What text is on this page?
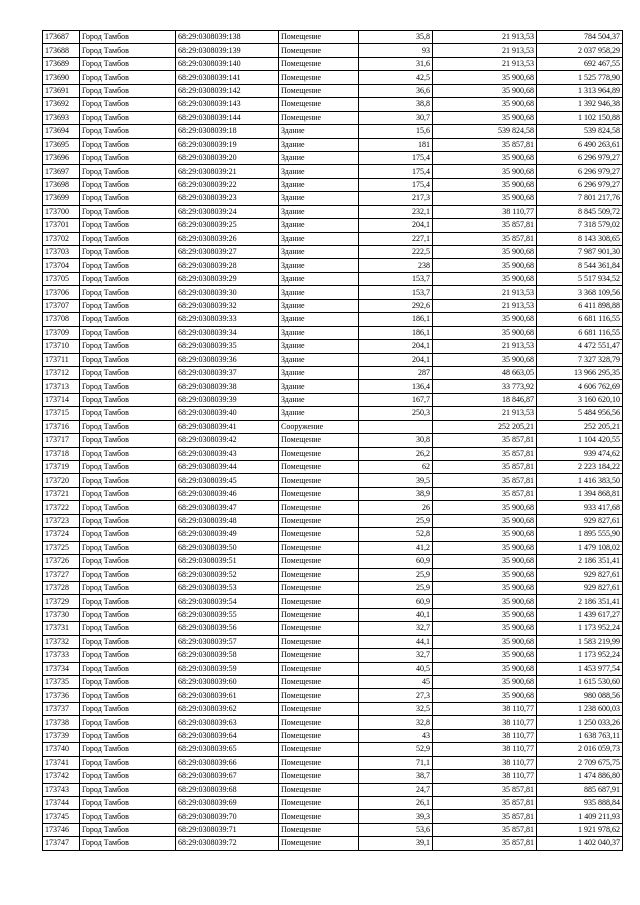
173687	Город Тамбов	68:29:0308039:138	Помещение	35,8	21 913,53	784 504,37
173688	Город Тамбов	68:29:0308039:139	Помещение	93	21 913,53	2 037 958,29
173689	Город Тамбов	68:29:0308039:140	Помещение	31,6	21 913,53	692 467,55
173690	Город Тамбов	68:29:0308039:141	Помещение	42,5	35 900,68	1 525 778,90
173691	Город Тамбов	68:29:0308039:142	Помещение	36,6	35 900,68	1 313 964,89
173692	Город Тамбов	68:29:0308039:143	Помещение	38,8	35 900,68	1 392 946,38
173693	Город Тамбов	68:29:0308039:144	Помещение	30,7	35 900,68	1 102 150,88
173694	Город Тамбов	68:29:0308039:18	Здание	15,6	539 824,58	539 824,58
173695	Город Тамбов	68:29:0308039:19	Здание	181	35 857,81	6 490 263,61
173696	Город Тамбов	68:29:0308039:20	Здание	175,4	35 900,68	6 296 979,27
173697	Город Тамбов	68:29:0308039:21	Здание	175,4	35 900,68	6 296 979,27
173698	Город Тамбов	68:29:0308039:22	Здание	175,4	35 900,68	6 296 979,27
173699	Город Тамбов	68:29:0308039:23	Здание	217,3	35 900,68	7 801 217,76
173700	Город Тамбов	68:29:0308039:24	Здание	232,1	38 110,77	8 845 509,72
173701	Город Тамбов	68:29:0308039:25	Здание	204,1	35 857,81	7 318 579,02
173702	Город Тамбов	68:29:0308039:26	Здание	227,1	35 857,81	8 143 308,65
173703	Город Тамбов	68:29:0308039:27	Здание	222,5	35 900,68	7 987 901,30
173704	Город Тамбов	68:29:0308039:28	Здание	238	35 900,68	8 544 361,84
173705	Город Тамбов	68:29:0308039:29	Здание	153,7	35 900,68	5 517 934,52
173706	Город Тамбов	68:29:0308039:30	Здание	153,7	21 913,53	3 368 109,56
173707	Город Тамбов	68:29:0308039:32	Здание	292,6	21 913,53	6 411 898,88
173708	Город Тамбов	68:29:0308039:33	Здание	186,1	35 900,68	6 681 116,55
173709	Город Тамбов	68:29:0308039:34	Здание	186,1	35 900,68	6 681 116,55
173710	Город Тамбов	68:29:0308039:35	Здание	204,1	21 913,53	4 472 551,47
173711	Город Тамбов	68:29:0308039:36	Здание	204,1	35 900,68	7 327 328,79
173712	Город Тамбов	68:29:0308039:37	Здание	287	48 663,05	13 966 295,35
173713	Город Тамбов	68:29:0308039:38	Здание	136,4	33 773,92	4 606 762,69
173714	Город Тамбов	68:29:0308039:39	Здание	167,7	18 846,87	3 160 620,10
173715	Город Тамбов	68:29:0308039:40	Здание	250,3	21 913,53	5 484 956,56
173716	Город Тамбов	68:29:0308039:41	Сооружение		252 205,21	252 205,21
173717	Город Тамбов	68:29:0308039:42	Помещение	30,8	35 857,81	1 104 420,55
173718	Город Тамбов	68:29:0308039:43	Помещение	26,2	35 857,81	939 474,62
173719	Город Тамбов	68:29:0308039:44	Помещение	62	35 857,81	2 223 184,22
173720	Город Тамбов	68:29:0308039:45	Помещение	39,5	35 857,81	1 416 383,50
173721	Город Тамбов	68:29:0308039:46	Помещение	38,9	35 857,81	1 394 868,81
173722	Город Тамбов	68:29:0308039:47	Помещение	26	35 900,68	933 417,68
173723	Город Тамбов	68:29:0308039:48	Помещение	25,9	35 900,68	929 827,61
173724	Город Тамбов	68:29:0308039:49	Помещение	52,8	35 900,68	1 895 555,90
173725	Город Тамбов	68:29:0308039:50	Помещение	41,2	35 900,68	1 479 108,02
173726	Город Тамбов	68:29:0308039:51	Помещение	60,9	35 900,68	2 186 351,41
173727	Город Тамбов	68:29:0308039:52	Помещение	25,9	35 900,68	929 827,61
173728	Город Тамбов	68:29:0308039:53	Помещение	25,9	35 900,68	929 827,61
173729	Город Тамбов	68:29:0308039:54	Помещение	60,9	35 900,68	2 186 351,41
173730	Город Тамбов	68:29:0308039:55	Помещение	40,1	35 900,68	1 439 617,27
173731	Город Тамбов	68:29:0308039:56	Помещение	32,7	35 900,68	1 173 952,24
173732	Город Тамбов	68:29:0308039:57	Помещение	44,1	35 900,68	1 583 219,99
173733	Город Тамбов	68:29:0308039:58	Помещение	32,7	35 900,68	1 173 952,24
173734	Город Тамбов	68:29:0308039:59	Помещение	40,5	35 900,68	1 453 977,54
173735	Город Тамбов	68:29:0308039:60	Помещение	45	35 900,68	1 615 530,60
173736	Город Тамбов	68:29:0308039:61	Помещение	27,3	35 900,68	980 088,56
173737	Город Тамбов	68:29:0308039:62	Помещение	32,5	38 110,77	1 238 600,03
173738	Город Тамбов	68:29:0308039:63	Помещение	32,8	38 110,77	1 250 033,26
173739	Город Тамбов	68:29:0308039:64	Помещение	43	38 110,77	1 638 763,11
173740	Город Тамбов	68:29:0308039:65	Помещение	52,9	38 110,77	2 016 059,73
173741	Город Тамбов	68:29:0308039:66	Помещение	71,1	38 110,77	2 709 675,75
173742	Город Тамбов	68:29:0308039:67	Помещение	38,7	38 110,77	1 474 886,80
173743	Город Тамбов	68:29:0308039:68	Помещение	24,7	35 857,81	885 687,91
173744	Город Тамбов	68:29:0308039:69	Помещение	26,1	35 857,81	935 888,84
173745	Город Тамбов	68:29:0308039:70	Помещение	39,3	35 857,81	1 409 211,93
173746	Город Тамбов	68:29:0308039:71	Помещение	53,6	35 857,81	1 921 978,62
173747	Город Тамбов	68:29:0308039:72	Помещение	39,1	35 857,81	1 402 040,37
